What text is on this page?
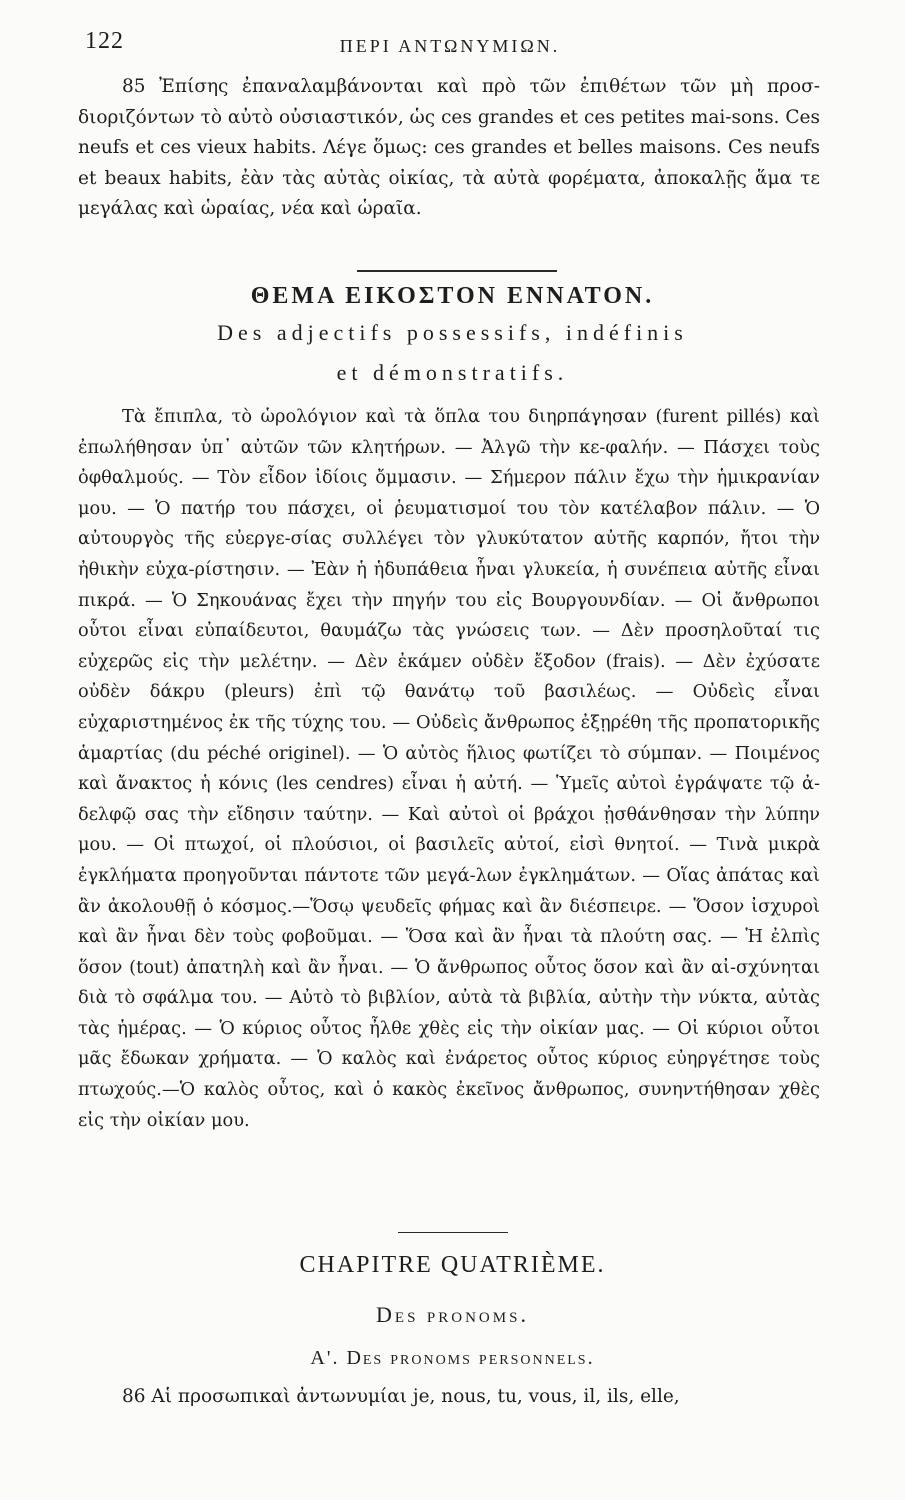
122	ΠΕΡΙ ΑΝΤΩΝΥΜΙΩΝ.
85 Ἐπίσης ἐπαναλαμβάνονται καὶ πρὸ τῶν ἐπιθέτων τῶν μὴ προσ-διοριζόντων τὸ αὐτὸ οὐσιαστικόν, ὡς ces grandes et ces petites mai-sons. Ces neufs et ces vieux habits. Λέγε ὅμως: ces grandes et belles maisons. Ces neufs et beaux habits, ἐὰν τὰς αὐτὰς οἰκίας, τὰ αὐτὰ φορέματα, ἀποκαλῇς ἅμα τε μεγάλας καὶ ὡραίας, νέα καὶ ὡραῖα.
ΘΕΜΑ ΕΙΚΟΣΤΟΝ ΕΝΝΑΤΟΝ.
Des adjectifs possessifs, indéfinis
et démonstratifs.
Τὰ ἔπιπλα, τὸ ὡρολόγιον καὶ τὰ ὅπλα του διηρπάγησαν (furent pillés) καὶ ἐπωλήθησαν ὑπ᾽ αὐτῶν τῶν κλητήρων. — Ἀλγῶ τὴν κε-φαλήν. — Πάσχει τοὺς ὀφθαλμούς. — Τὸν εἶδον ἰδίοις ὄμμασιν. — Σήμερον πάλιν ἔχω τὴν ἡμικρανίαν μου. — Ὁ πατήρ του πάσχει, οἱ ῥευματισμοί του τὸν κατέλαβον πάλιν. — Ὁ αὐτουργὸς τῆς εὐεργε-σίας συλλέγει τὸν γλυκύτατον αὐτῆς καρπόν, ἤτοι τὴν ἠθικὴν εὐχα-ρίστησιν. — Ἐὰν ἡ ἡδυπάθεια ἦναι γλυκεία, ἡ συνέπεια αὐτῆς εἶναι πικρά. — Ὁ Σηκουάνας ἔχει τὴν πηγήν του εἰς Βουργουνδίαν. — Οἱ ἄνθρωποι οὗτοι εἶναι εὐπαίδευτοι, θαυμάζω τὰς γνώσεις των. — Δὲν προσηλοῦταί τις εὐχερῶς εἰς τὴν μελέτην. — Δὲν ἐκάμεν οὐδὲν ἔξοδον (frais). — Δὲν ἐχύσατε οὐδὲν δάκρυ (pleurs) ἐπὶ τῷ θανάτῳ τοῦ βασιλέως. — Οὐδεὶς εἶναι εὐχαριστημένος ἐκ τῆς τύχης του. — Οὐδεὶς ἄνθρωπος ἐξῃρέθη τῆς προπατορικῆς ἁμαρτίας (du péché originel). — Ὁ αὐτὸς ἥλιος φωτίζει τὸ σύμπαν. — Ποιμένος καὶ ἄνακτος ἡ κόνις (les cendres) εἶναι ἡ αὐτή. — Ὑμεῖς αὐτοὶ ἐγράψατε τῷ ἀ-δελφῷ σας τὴν εἴδησιν ταύτην. — Καὶ αὐτοὶ οἱ βράχοι ᾐσθάνθησαν τὴν λύπην μου. — Οἱ πτωχοί, οἱ πλούσιοι, οἱ βασιλεῖς αὐτοί, εἰσὶ θνητοί. — Τινὰ μικρὰ ἐγκλήματα προηγοῦνται πάντοτε τῶν μεγά-λων ἐγκλημάτων. — Οἵας ἀπάτας καὶ ἂν ἀκολουθῇ ὁ κόσμος.—Ὅσῳ ψευδεῖς φήμας καὶ ἂν διέσπειρε. — Ὅσον ἰσχυροὶ καὶ ἂν ἦναι δὲν τοὺς φοβοῦμαι. — Ὅσα καὶ ἂν ἦναι τὰ πλούτη σας. — Ἡ ἐλπὶς ὅσον (tout) ἀπατηλὴ καὶ ἂν ἦναι. — Ὁ ἄνθρωπος οὗτος ὅσον καὶ ἂν αἰ-σχύνηται διὰ τὸ σφάλμα του. — Αὐτὸ τὸ βιβλίον, αὐτὰ τὰ βιβλία, αὐτὴν τὴν νύκτα, αὐτὰς τὰς ἡμέρας. — Ὁ κύριος οὗτος ἦλθε χθὲς εἰς τὴν οἰκίαν μας. — Οἱ κύριοι οὗτοι μᾶς ἔδωκαν χρήματα. — Ὁ καλὸς καὶ ἐνάρετος οὗτος κύριος εὐηργέτησε τοὺς πτωχούς.—Ὁ καλὸς οὗτος, καὶ ὁ κακὸς ἐκεῖνος ἄνθρωπος, συνηντήθησαν χθὲς εἰς τὴν οἰκίαν μου.
CHAPITRE QUATRIÈME.
Des pronoms.
A'. Des pronoms personnels.
86 Αἱ προσωπικαὶ ἀντωνυμίαι je, nous, tu, vous, il, ils, elle,
